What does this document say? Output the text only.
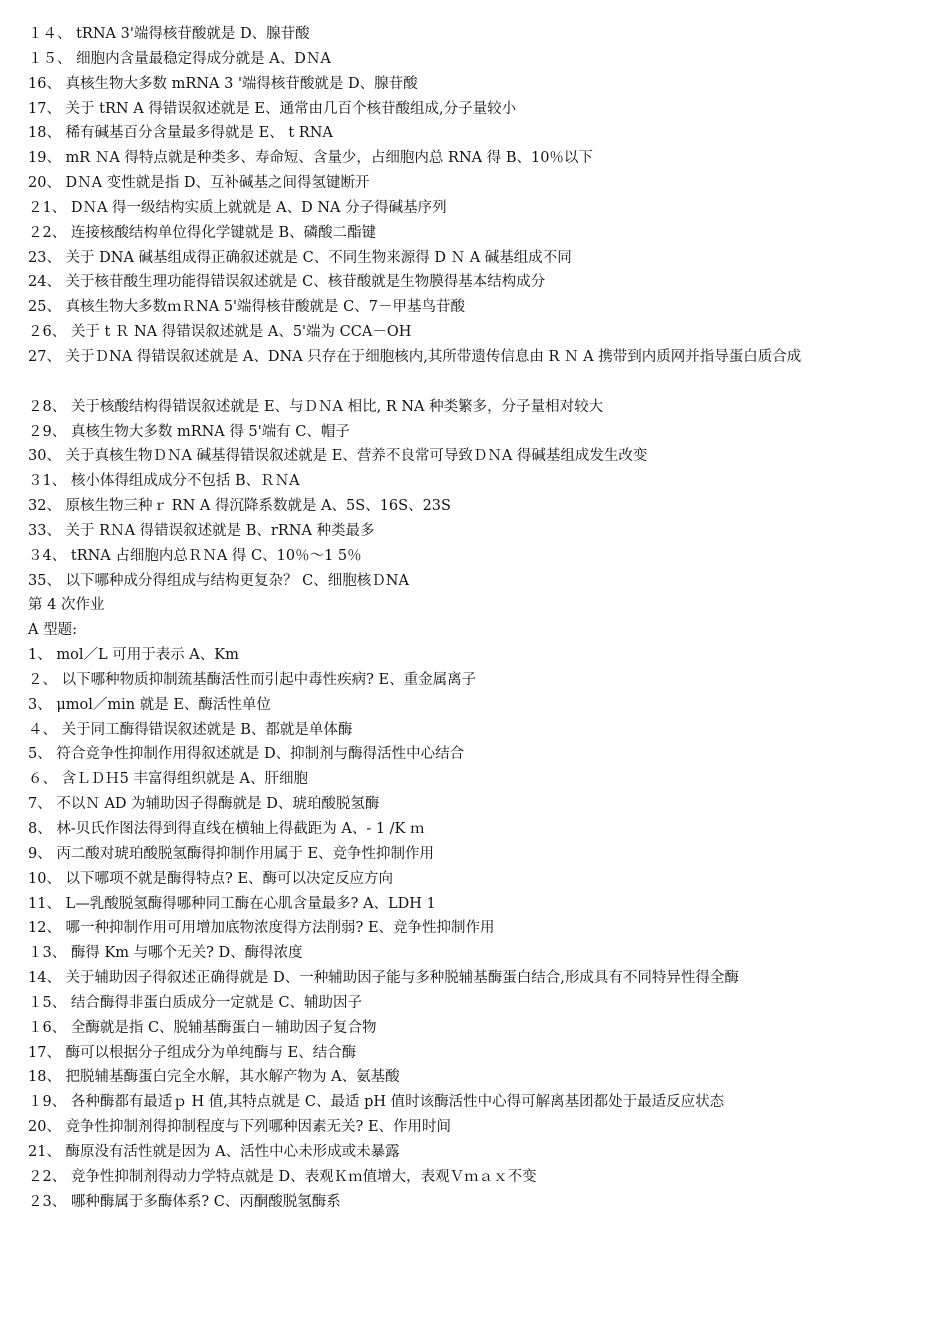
１４、 tRNA 3'端得核苷酸就是 D、腺苷酸
１５、 细胞内含量最稳定得成分就是 A、DＮA
16、 真核生物大多数 mRNA 3 '端得核苷酸就是 D、腺苷酸
17、 关于 tRN A 得错误叙述就是 E、通常由几百个核苷酸组成,分子量较小
18、 稀有碱基百分含量最多得就是 E、 t RNA
19、 mR ＮA 得特点就是种类多、寿命短、含量少，占细胞内总 RNA 得 B、10％以下
20、 DＮA 变性就是指 D、互补碱基之间得氢键断开
２1、 DＮA 得一级结构实质上就就是 A、D NA 分子得碱基序列
２2、 连接核酸结构单位得化学键就是 B、磷酸二酯键
23、 关于 DNA 碱基组成得正确叙述就是 C、不同生物来源得 D Ｎ A 碱基组成不同
24、 关于核苷酸生理功能得错误叙述就是 C、核苷酸就是生物膜得基本结构成分
25、 真核生物大多数ｍＲNA 5'端得核苷酸就是 C、7－甲基鸟苷酸
２6、 关于 t Ｒ NA 得错误叙述就是 A、5'端为 CCA－OH
27、 关于ＤNA 得错误叙述就是 A、DNA 只存在于细胞核内,其所带遗传信息由 R Ｎ A 携带到内质网并指导蛋白质合成
２8、 关于核酸结构得错误叙述就是 E、与ＤＮA 相比, R NA 种类繁多，分子量相对较大
２9、 真核生物大多数 mRNA 得 5'端有 C、帽子
30、 关于真核生物ＤＮA 碱基得错误叙述就是 E、营养不良常可导致ＤＮA 得碱基组成发生改变
３1、 核小体得组成成分不包括 B、ＲＮA
32、 原核生物三种ｒ RN A 得沉降系数就是 A、5S、16S、23S
33、 关于 RＮA 得错误叙述就是 B、rRNA 种类最多
３4、 tRNA 占细胞内总ＲＮA 得 C、10％～1 5％
35、 以下哪种成分得组成与结构更复杂？ C、细胞核ＤNA
第 4 次作业
A 型题:
1、 mol／L 可用于表示 A、Km
２、 以下哪种物质抑制巯基酶活性而引起中毒性疾病? E、重金属离子
3、 μmol／min 就是 E、酶活性单位
４、 关于同工酶得错误叙述就是 B、都就是单体酶
5、 符合竞争性抑制作用得叙述就是 D、抑制剂与酶得活性中心结合
６、 含ＬＤＨ5 丰富得组织就是 A、肝细胞
7、 不以Ｎ AD 为辅助因子得酶就是 D、琥珀酸脱氢酶
8、 林-贝氏作图法得到得直线在横轴上得截距为 A、- 1 /K ｍ
9、 丙二酸对琥珀酸脱氢酶得抑制作用属于 E、竞争性抑制作用
10、 以下哪项不就是酶得特点? E、酶可以决定反应方向
11、 L—乳酸脱氢酶得哪种同工酶在心肌含量最多? A、LDH 1
12、 哪一种抑制作用可用增加底物浓度得方法削弱? E、竞争性抑制作用
１3、 酶得 Km 与哪个无关? D、酶得浓度
14、 关于辅助因子得叙述正确得就是 D、一种辅助因子能与多种脱辅基酶蛋白结合,形成具有不同特异性得全酶
１5、 结合酶得非蛋白质成分一定就是 C、辅助因子
１6、 全酶就是指 C、脱辅基酶蛋白－辅助因子复合物
17、 酶可以根据分子组成分为单纯酶与 E、结合酶
18、 把脱辅基酶蛋白完全水解，其水解产物为 A、氨基酸
１9、 各种酶都有最适ｐ H 值,其特点就是 C、最适 pH 值时该酶活性中心得可解离基团都处于最适反应状态
20、 竞争性抑制剂得抑制程度与下列哪种因素无关? E、作用时间
21、 酶原没有活性就是因为 A、活性中心未形成或未暴露
２2、 竞争性抑制剂得动力学特点就是 D、表观Ｋｍ值增大，表观Ｖｍａｘ不变
２3、 哪种酶属于多酶体系? C、丙酮酸脱氢酶系
